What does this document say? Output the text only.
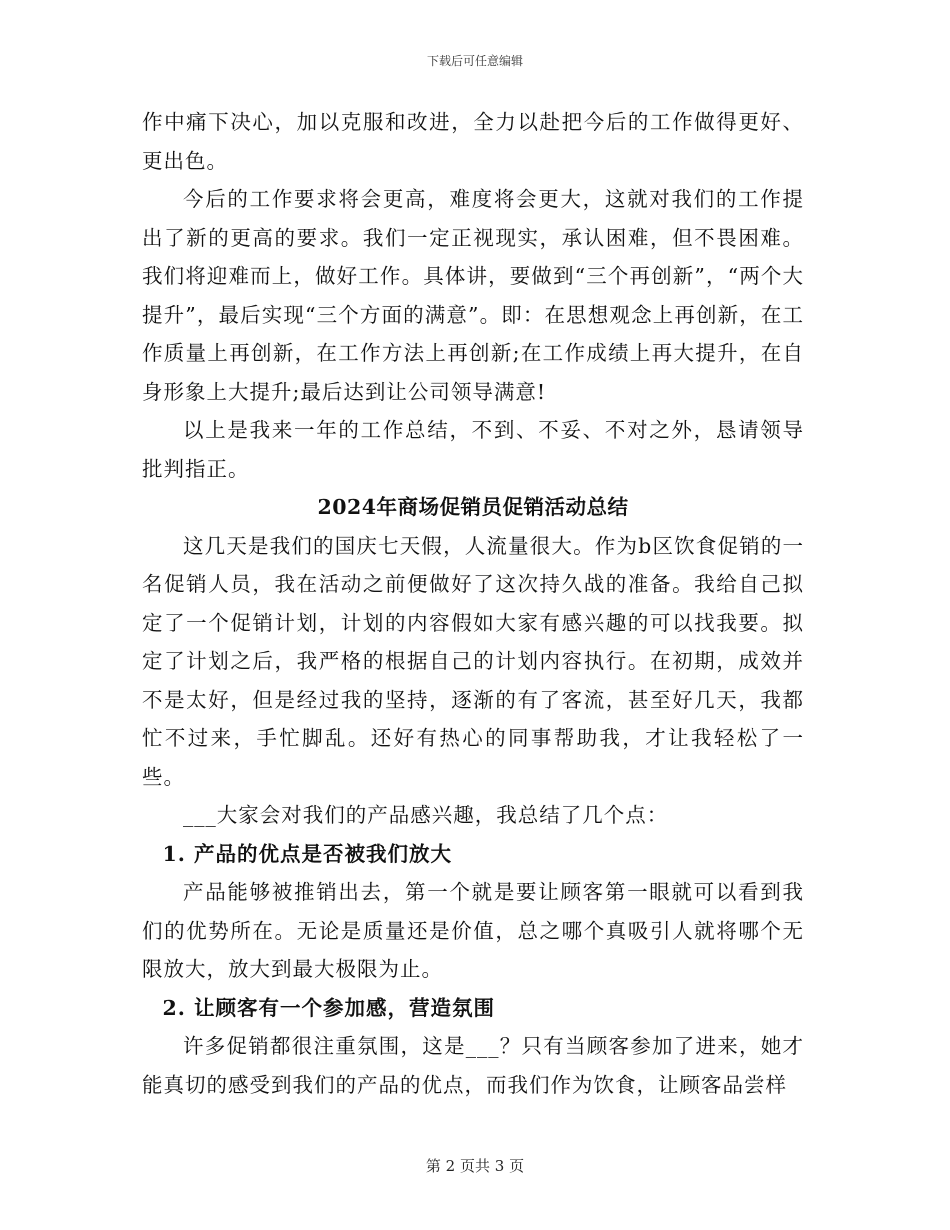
下载后可任意编辑

作中痛下决心，加以克服和改进，全力以赴把今后的工作做得更好、更出色。

今后的工作要求将会更高，难度将会更大，这就对我们的工作提出了新的更高的要求。我们一定正视现实，承认困难，但不畏困难。我们将迎难而上，做好工作。具体讲，要做到“三个再创新”，“两个大提升”，最后实现“三个方面的满意”。即：在思想观念上再创新，在工作质量上再创新，在工作方法上再创新;在工作成绩上再大提升，在自身形象上大提升;最后达到让公司领导满意!

以上是我来一年的工作总结，不到、不妥、不对之外，恳请领导批判指正。

2024年商场促销员促销活动总结

这几天是我们的国庆七天假，人流量很大。作为b区饮食促销的一名促销人员，我在活动之前便做好了这次持久战的准备。我给自己拟定了一个促销计划，计划的内容假如大家有感兴趣的可以找我要。拟定了计划之后，我严格的根据自己的计划内容执行。在初期，成效并不是太好，但是经过我的坚持，逐渐的有了客流，甚至好几天，我都忙不过来，手忙脚乱。还好有热心的同事帮助我，才让我轻松了一些。

___大家会对我们的产品感兴趣，我总结了几个点：

1. 产品的优点是否被我们放大

产品能够被推销出去，第一个就是要让顾客第一眼就可以看到我们的优势所在。无论是质量还是价值，总之哪个真吸引人就将哪个无限放大，放大到最大极限为止。

2. 让顾客有一个参加感，营造氛围

许多促销都很注重氛围，这是___？只有当顾客参加了进来，她才能真切的感受到我们的产品的优点，而我们作为饮食，让顾客品尝样

第 2 页共 3 页
